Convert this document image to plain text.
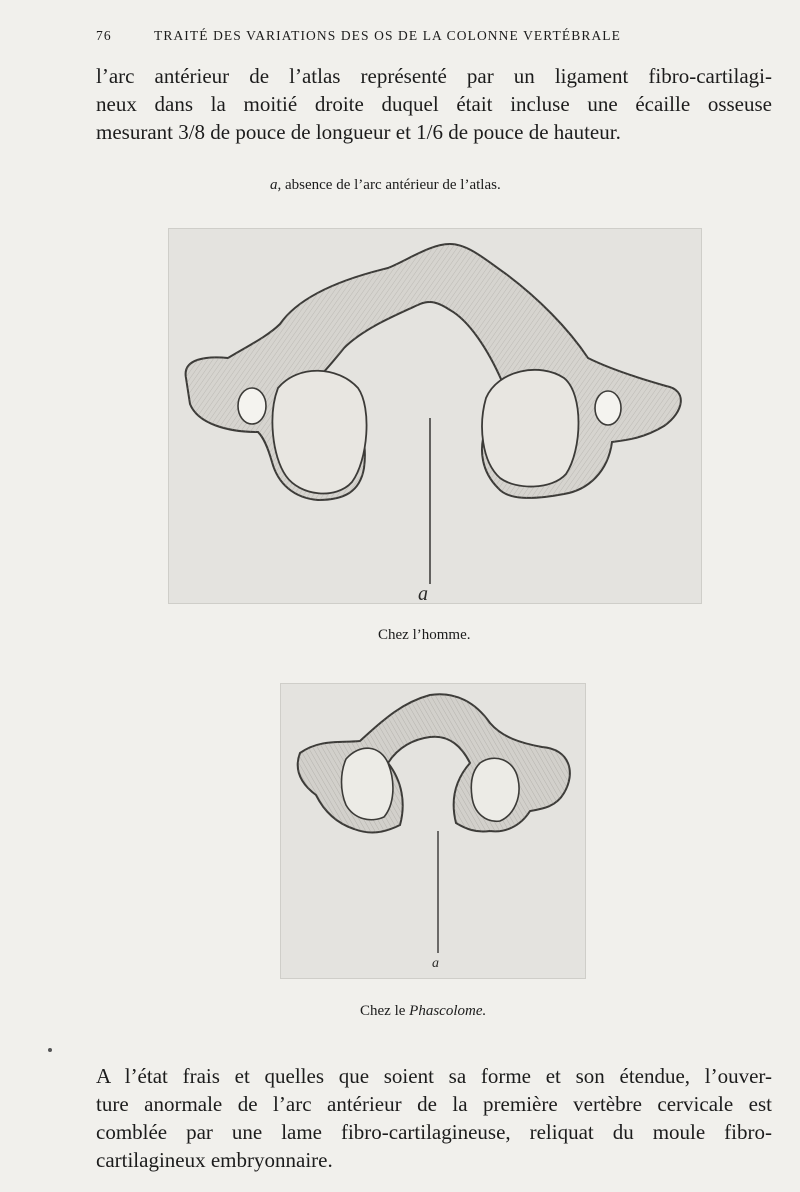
76	TRAITÉ DES VARIATIONS DES OS DE LA COLONNE VERTÉBRALE

l’arc antérieur de l’atlas représenté par un ligament fibro-cartilagi-
neux dans la moitié droite duquel était incluse une écaille osseuse
mesurant 3/8 de pouce de longueur et 1/6 de pouce de hauteur.

a, absence de l’arc antérieur de l’atlas.
a
Chez l’homme.
a
Chez le Phascolome.

A l’état frais et quelles que soient sa forme et son étendue, l’ouver-
ture anormale de l’arc antérieur de la première vertèbre cervicale est
comblée par une lame fibro-cartilagineuse, reliquat du moule fibro-
cartilagineux embryonnaire.
